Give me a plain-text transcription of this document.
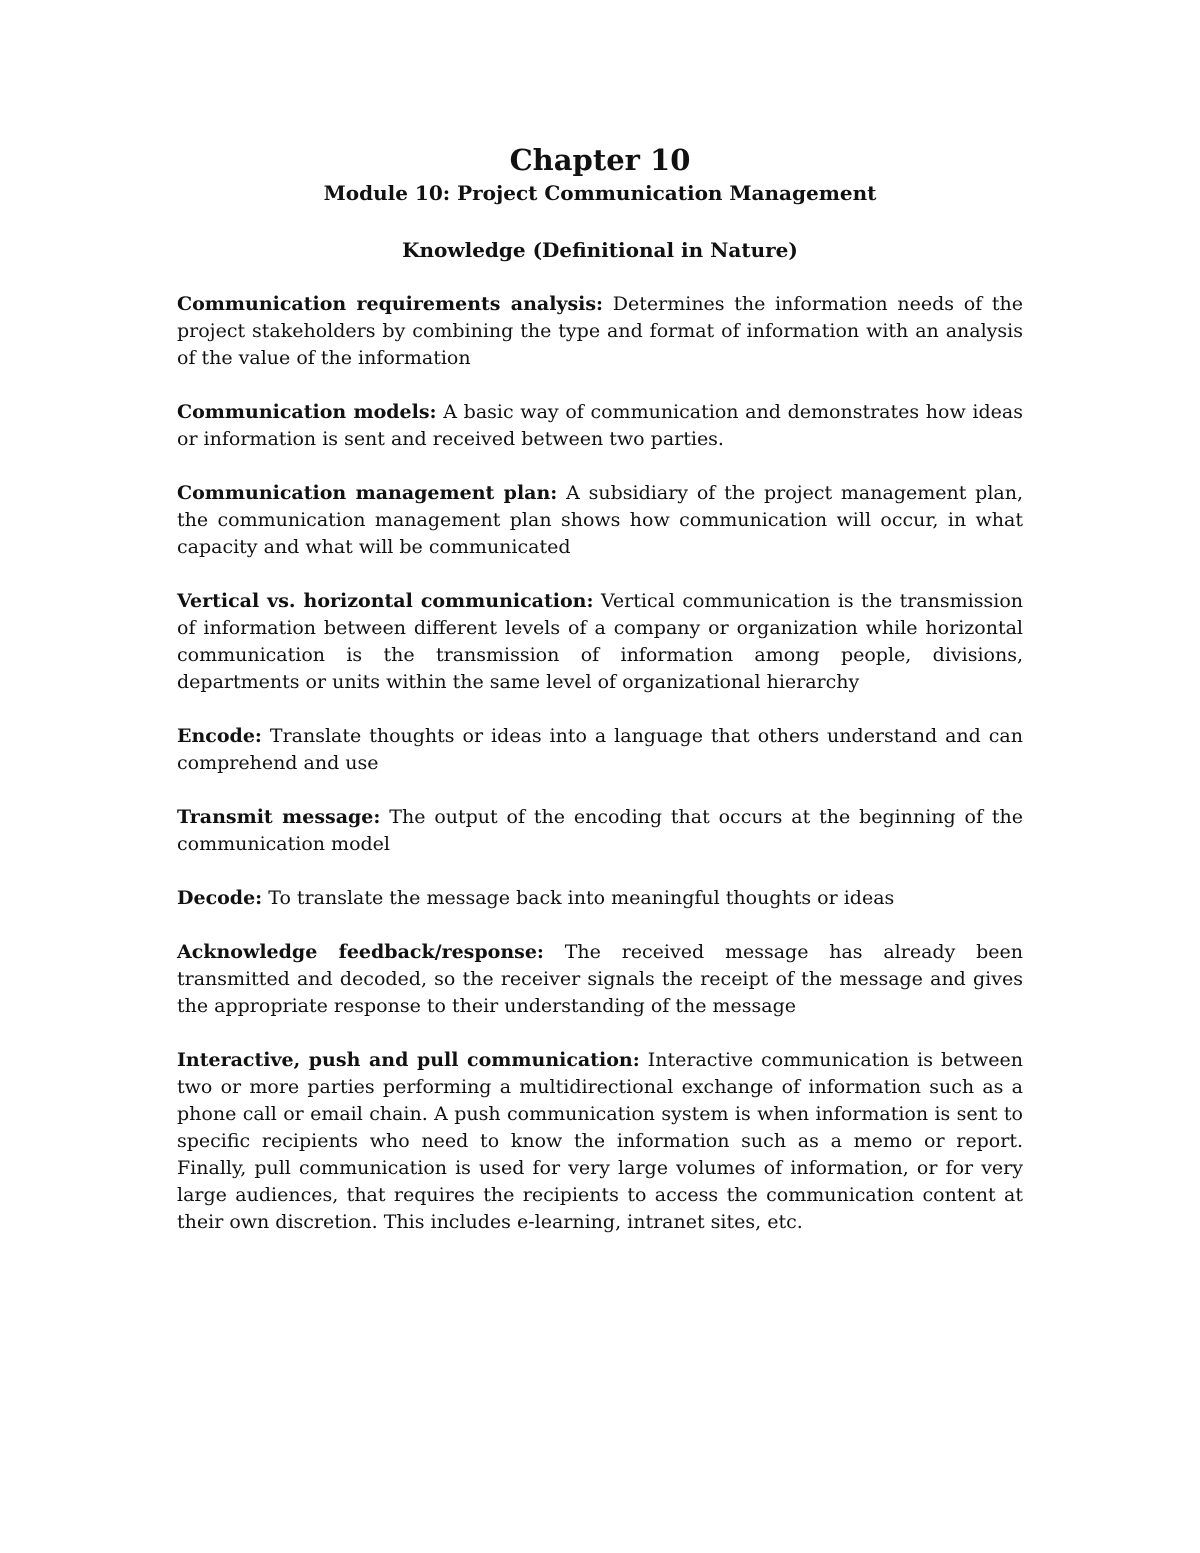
Chapter 10
Module 10: Project Communication Management
Knowledge (Definitional in Nature)

Communication requirements analysis: Determines the information needs of the project stakeholders by combining the type and format of information with an analysis of the value of the information

Communication models: A basic way of communication and demonstrates how ideas or information is sent and received between two parties.

Communication management plan: A subsidiary of the project management plan, the communication management plan shows how communication will occur, in what capacity and what will be communicated

Vertical vs. horizontal communication: Vertical communication is the transmission of information between different levels of a company or organization while horizontal communication is the transmission of information among people, divisions, departments or units within the same level of organizational hierarchy

Encode: Translate thoughts or ideas into a language that others understand and can comprehend and use

Transmit message: The output of the encoding that occurs at the beginning of the communication model

Decode: To translate the message back into meaningful thoughts or ideas

Acknowledge feedback/response: The received message has already been transmitted and decoded, so the receiver signals the receipt of the message and gives the appropriate response to their understanding of the message

Interactive, push and pull communication: Interactive communication is between two or more parties performing a multidirectional exchange of information such as a phone call or email chain. A push communication system is when information is sent to specific recipients who need to know the information such as a memo or report. Finally, pull communication is used for very large volumes of information, or for very large audiences, that requires the recipients to access the communication content at their own discretion. This includes e-learning, intranet sites, etc.
